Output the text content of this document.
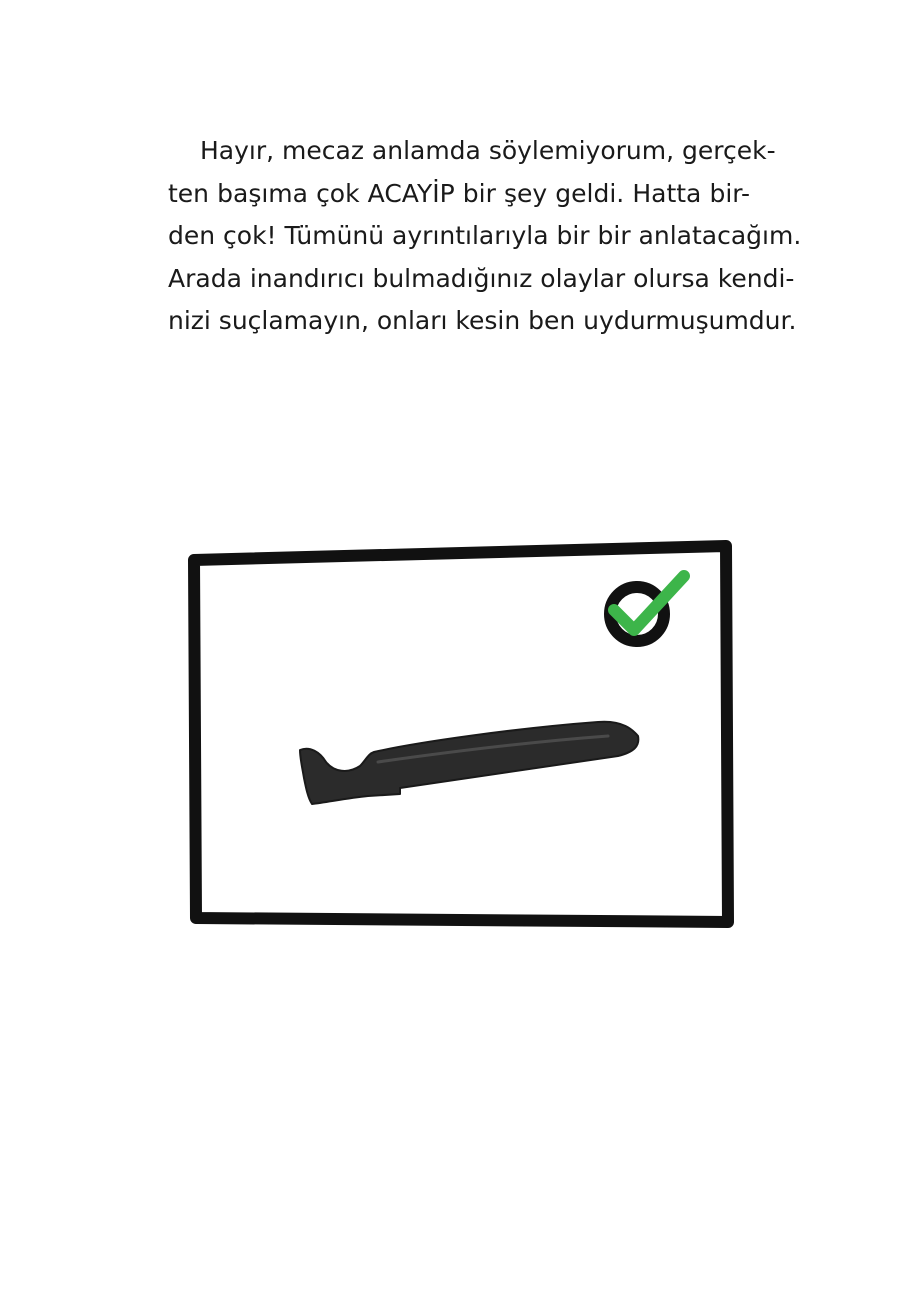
Hayır, mecaz anlamda söylemiyorum, gerçek-
ten başıma çok ACAYİP bir şey geldi. Hatta bir-
den çok! Tümünü ayrıntılarıyla bir bir anlatacağım.
Arada inandırıcı bulmadığınız olaylar olursa kendi-
nizi suçlamayın, onları kesin ben uydurmuşumdur.
